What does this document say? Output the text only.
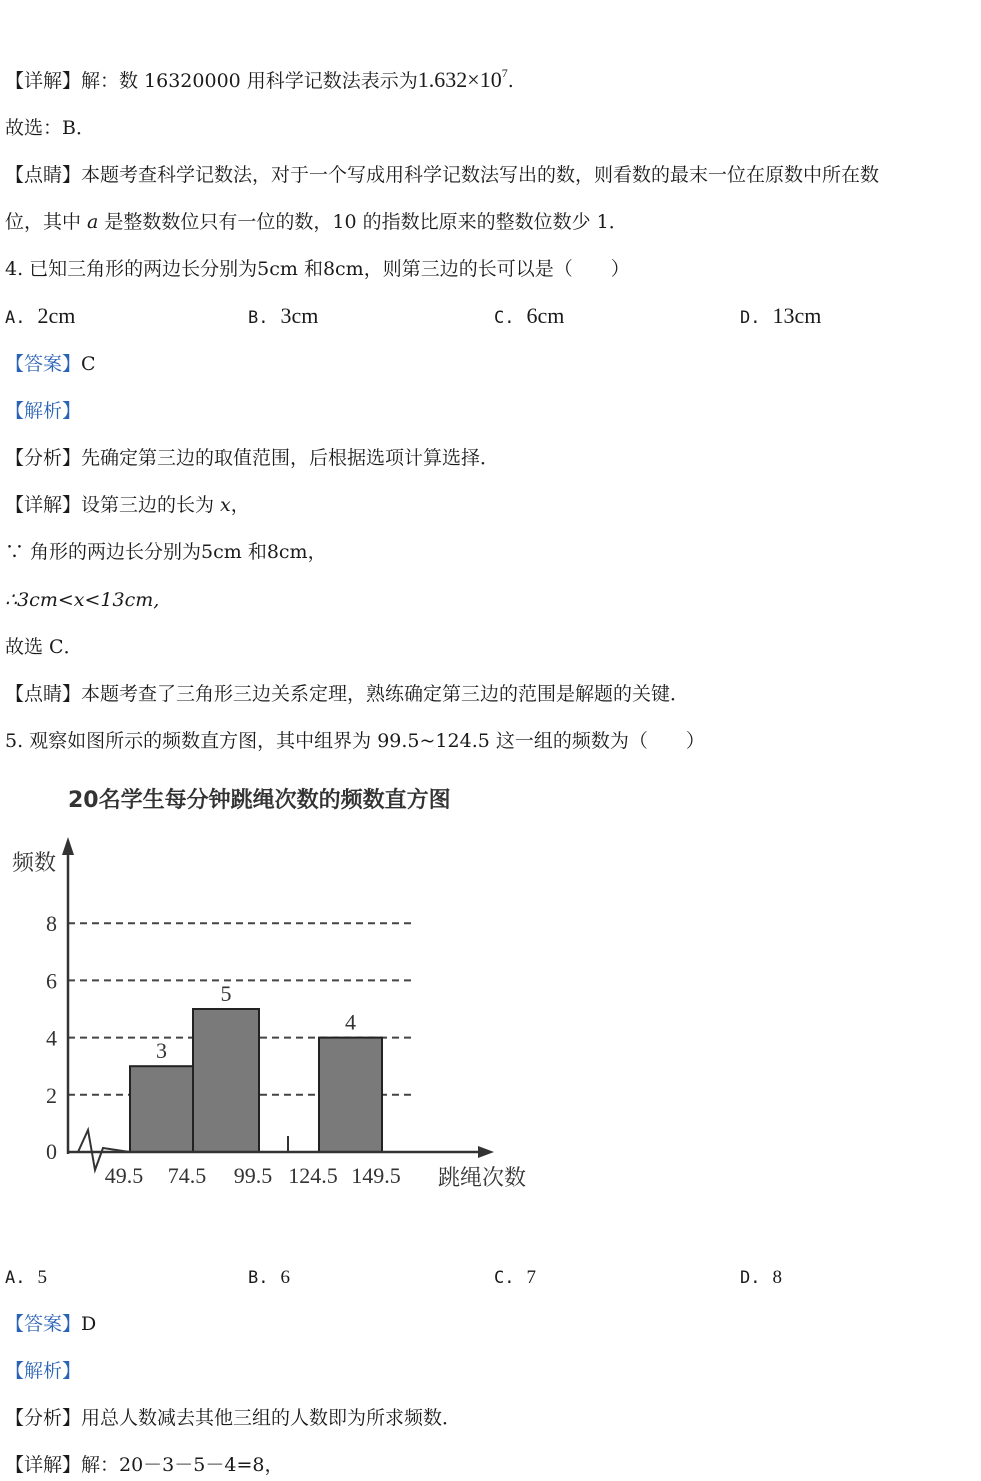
【详解】解：数 16320000 用科学记数法表示为$1.632\times 10^7$.
故选：B．
【点睛】本题考查科学记数法，对于一个写成用科学记数法写出的数，则看数的最末一位在原数中所在数
位，其中 a 是整数数位只有一位的数，10 的指数比原来的整数位数少 1．
4. 已知三角形的两边长分别为5cm 和8cm，则第三边的长可以是（　　）
A. 2cm	B. 3cm	C. 6cm	D. 13cm
【答案】C
【解析】
【分析】先确定第三边的取值范围，后根据选项计算选择．
【详解】设第三边的长为 x，
∵ 角形的两边长分别为5cm 和8cm，
∴3cm<x<13cm,
故选 C．
【点睛】本题考查了三角形三边关系定理，熟练确定第三边的范围是解题的关键．
5. 观察如图所示的频数直方图，其中组界为 99.5~124.5 这一组的频数为（　　）
20名学生每分钟跳绳次数的频数直方图
频数
跳绳次数
0
2
4
6
8
49.5 74.5 99.5 124.5 149.5
3
5
4
A. 5	B. 6	C. 7	D. 8
【答案】D
【解析】
【分析】用总人数减去其他三组的人数即为所求频数．
【详解】解：20－3－5－4=8，
